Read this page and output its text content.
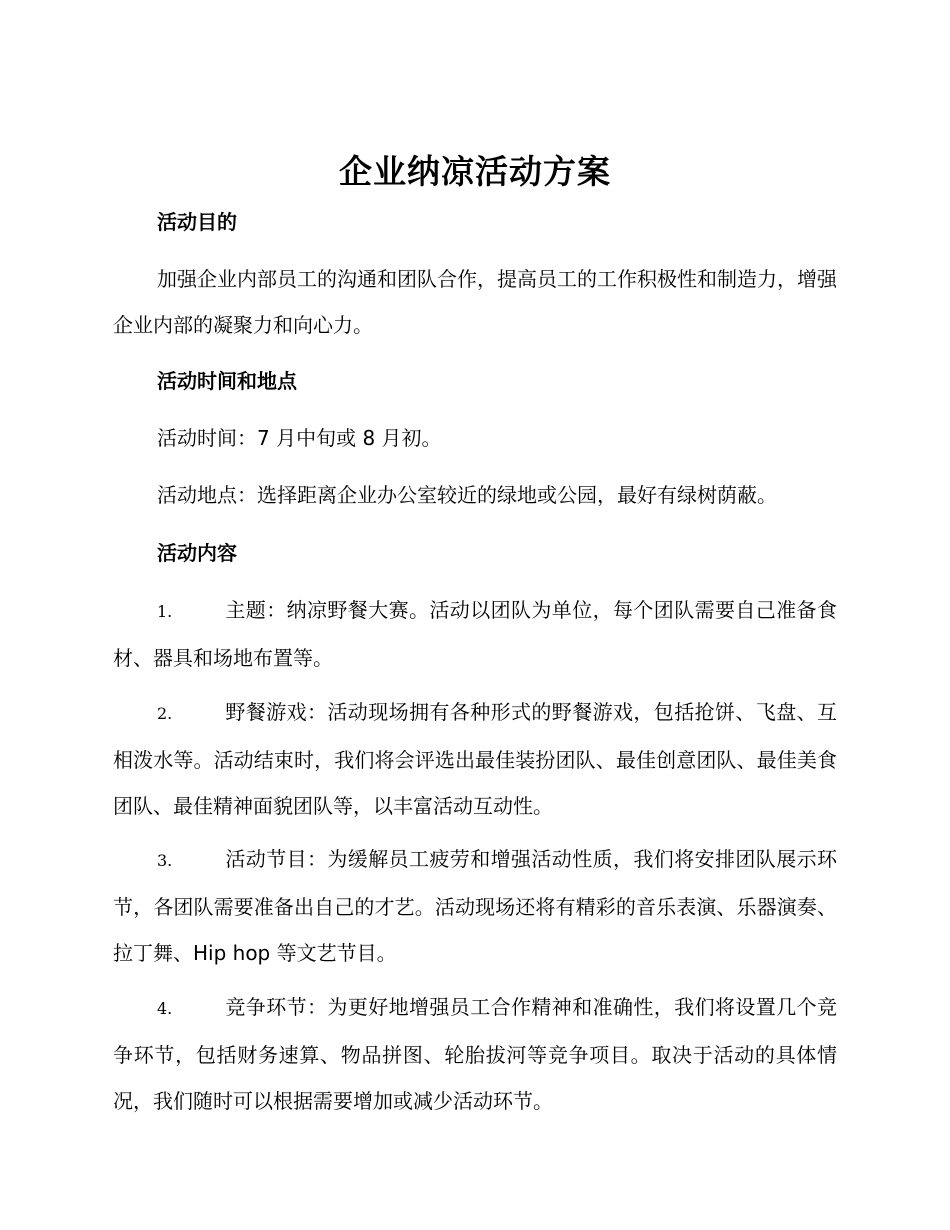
企业纳凉活动方案
活动目的
加强企业内部员工的沟通和团队合作，提高员工的工作积极性和制造力，增强企业内部的凝聚力和向心力。
活动时间和地点
活动时间：7 月中旬或 8 月初。
活动地点：选择距离企业办公室较近的绿地或公园，最好有绿树荫蔽。
活动内容
1.	主题：纳凉野餐大赛。活动以团队为单位，每个团队需要自己准备食材、器具和场地布置等。
2.	野餐游戏：活动现场拥有各种形式的野餐游戏，包括抢饼、飞盘、互相泼水等。活动结束时，我们将会评选出最佳装扮团队、最佳创意团队、最佳美食团队、最佳精神面貌团队等，以丰富活动互动性。
3.	活动节目：为缓解员工疲劳和增强活动性质，我们将安排团队展示环节，各团队需要准备出自己的才艺。活动现场还将有精彩的音乐表演、乐器演奏、拉丁舞、Hip hop 等文艺节目。
4.	竞争环节：为更好地增强员工合作精神和准确性，我们将设置几个竞争环节，包括财务速算、物品拼图、轮胎拔河等竞争项目。取决于活动的具体情况，我们随时可以根据需要增加或减少活动环节。
